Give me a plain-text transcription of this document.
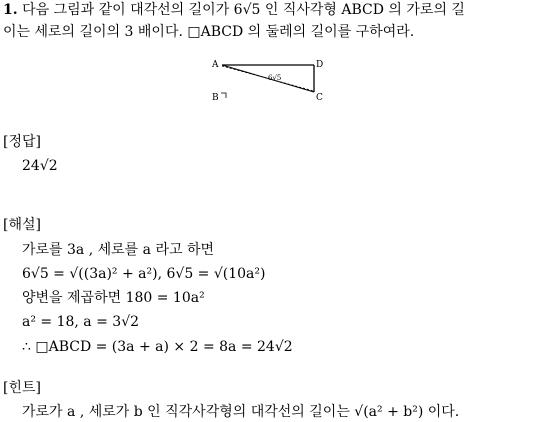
1. 다음 그림과 같이 대각선의 길이가 6√5 인 직사각형 ABCD 의 가로의 길
이는 세로의 길이의 3 배이다. □ABCD 의 둘레의 길이를 구하여라.
A	D
B	C
6√5
[정답]
24√2
[해설]
가로를 3a , 세로를 a 라고 하면
6√5 = √((3a)² + a²), 6√5 = √(10a²)
양변을 제곱하면 180 = 10a²
a² = 18, a = 3√2
∴ □ABCD = (3a + a) × 2 = 8a = 24√2
[힌트]
가로가 a , 세로가 b 인 직각사각형의 대각선의 길이는 √(a² + b²) 이다.
